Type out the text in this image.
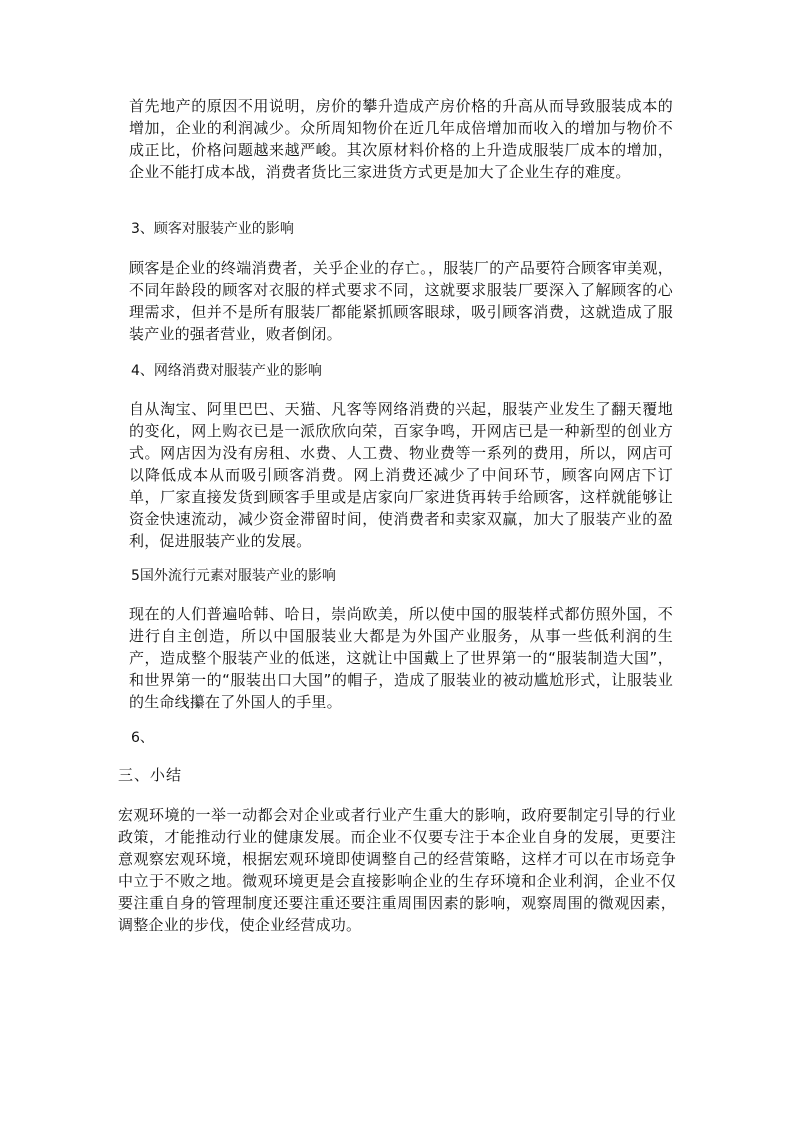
首先地产的原因不用说明，房价的攀升造成产房价格的升高从而导致服装成本的增加，企业的利润减少。众所周知物价在近几年成倍增加而收入的增加与物价不成正比，价格问题越来越严峻。其次原材料价格的上升造成服装厂成本的增加，企业不能打成本战，消费者货比三家进货方式更是加大了企业生存的难度。

3、顾客对服装产业的影响

顾客是企业的终端消费者，关乎企业的存亡。，服装厂的产品要符合顾客审美观，不同年龄段的顾客对衣服的样式要求不同，这就要求服装厂要深入了解顾客的心理需求，但并不是所有服装厂都能紧抓顾客眼球，吸引顾客消费，这就造成了服装产业的强者营业，败者倒闭。

4、网络消费对服装产业的影响

自从淘宝、阿里巴巴、天猫、凡客等网络消费的兴起，服装产业发生了翻天覆地的变化，网上购衣已是一派欣欣向荣，百家争鸣，开网店已是一种新型的创业方式。网店因为没有房租、水费、人工费、物业费等一系列的费用，所以，网店可以降低成本从而吸引顾客消费。网上消费还减少了中间环节，顾客向网店下订单，厂家直接发货到顾客手里或是店家向厂家进货再转手给顾客，这样就能够让资金快速流动，减少资金滞留时间，使消费者和卖家双赢，加大了服装产业的盈利，促进服装产业的发展。

5国外流行元素对服装产业的影响

现在的人们普遍哈韩、哈日，崇尚欧美，所以使中国的服装样式都仿照外国，不进行自主创造，所以中国服装业大都是为外国产业服务，从事一些低利润的生产，造成整个服装产业的低迷，这就让中国戴上了世界第一的“服装制造大国”，和世界第一的“服装出口大国”的帽子，造成了服装业的被动尴尬形式，让服装业的生命线攥在了外国人的手里。

6、

三、小结

宏观环境的一举一动都会对企业或者行业产生重大的影响，政府要制定引导的行业政策，才能推动行业的健康发展。而企业不仅要专注于本企业自身的发展，更要注意观察宏观环境，根据宏观环境即使调整自己的经营策略，这样才可以在市场竞争中立于不败之地。微观环境更是会直接影响企业的生存环境和企业利润，企业不仅要注重自身的管理制度还要注重还要注重周围因素的影响，观察周围的微观因素，调整企业的步伐，使企业经营成功。
